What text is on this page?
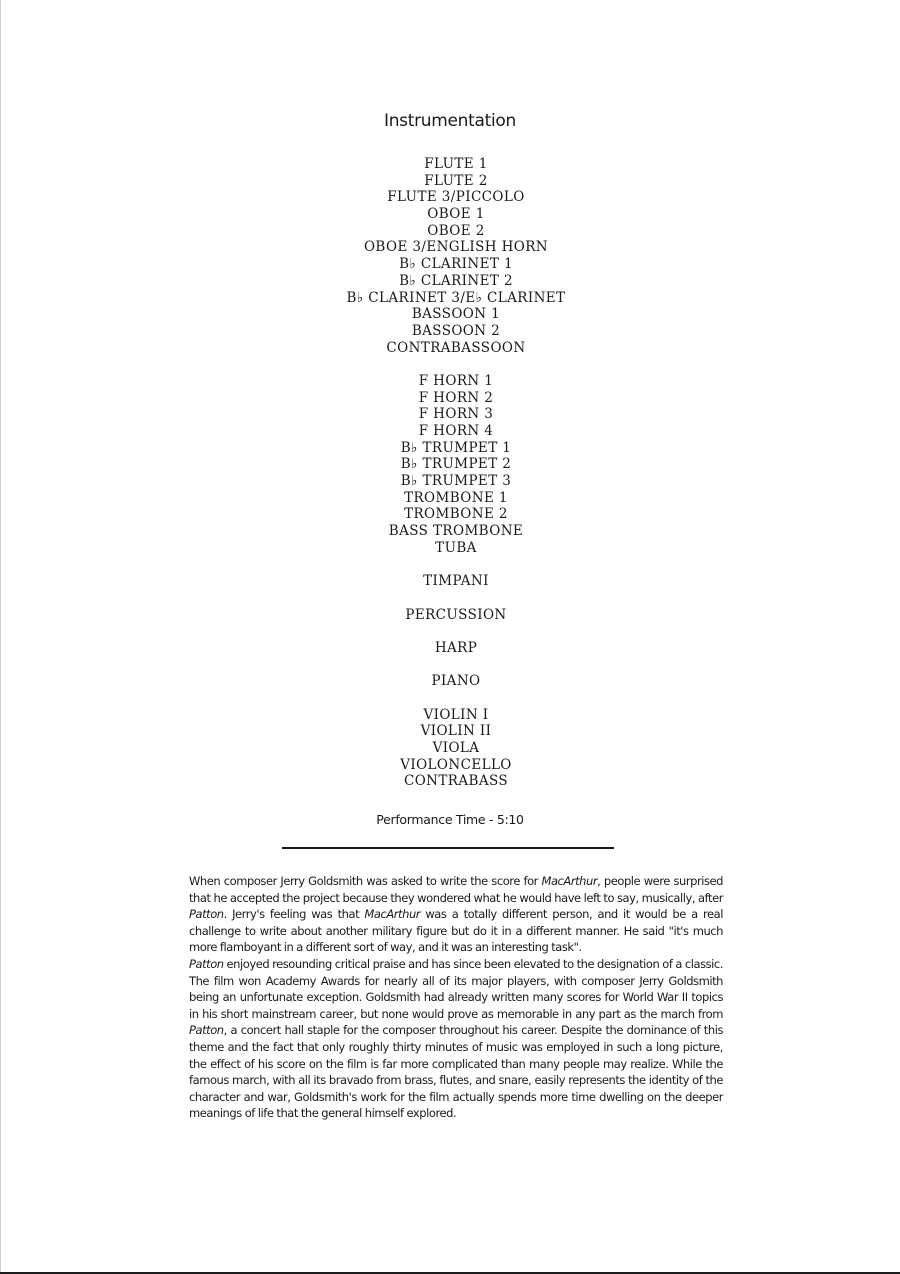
Instrumentation
FLUTE 1
FLUTE 2
FLUTE 3/PICCOLO
OBOE 1
OBOE 2
OBOE 3/ENGLISH HORN
B♭ CLARINET 1
B♭ CLARINET 2
B♭ CLARINET 3/E♭ CLARINET
BASSOON 1
BASSOON 2
CONTRABASSOON
F HORN 1
F HORN 2
F HORN 3
F HORN 4
B♭ TRUMPET 1
B♭ TRUMPET 2
B♭ TRUMPET 3
TROMBONE 1
TROMBONE 2
BASS TROMBONE
TUBA
TIMPANI
PERCUSSION
HARP
PIANO
VIOLIN I
VIOLIN II
VIOLA
VIOLONCELLO
CONTRABASS
Performance Time - 5:10

When composer Jerry Goldsmith was asked to write the score for MacArthur, people were surprised that he accepted the project because they wondered what he would have left to say, musically, after Patton. Jerry's feeling was that MacArthur was a totally different person, and it would be a real challenge to write about another military figure but do it in a different manner. He said "it's much more flamboyant in a different sort of way, and it was an interesting task".

Patton enjoyed resounding critical praise and has since been elevated to the designation of a classic. The film won Academy Awards for nearly all of its major players, with composer Jerry Goldsmith being an unfortunate exception. Goldsmith had already written many scores for World War II topics in his short mainstream career, but none would prove as memorable in any part as the march from Patton, a concert hall staple for the composer throughout his career. Despite the dominance of this theme and the fact that only roughly thirty minutes of music was employed in such a long picture, the effect of his score on the film is far more complicated than many people may realize. While the famous march, with all its bravado from brass, flutes, and snare, easily represents the identity of the character and war, Goldsmith's work for the film actually spends more time dwelling on the deeper meanings of life that the general himself explored.
